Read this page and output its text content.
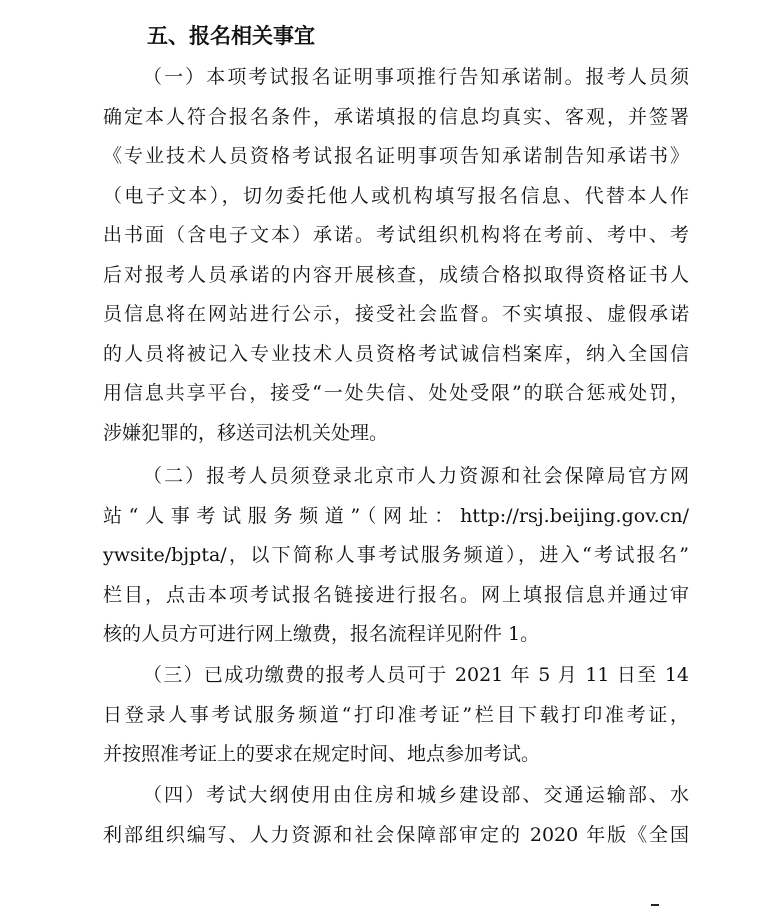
五、报名相关事宜
（一）本项考试报名证明事项推行告知承诺制。报考人员须
确定本人符合报名条件，承诺填报的信息均真实、客观，并签署
《专业技术人员资格考试报名证明事项告知承诺制告知承诺书》
（电子文本），切勿委托他人或机构填写报名信息、代替本人作
出书面（含电子文本）承诺。考试组织机构将在考前、考中、考
后对报考人员承诺的内容开展核查，成绩合格拟取得资格证书人
员信息将在网站进行公示，接受社会监督。不实填报、虚假承诺
的人员将被记入专业技术人员资格考试诚信档案库，纳入全国信
用信息共享平台，接受“一处失信、处处受限”的联合惩戒处罚，
涉嫌犯罪的，移送司法机关处理。
（二）报考人员须登录北京市人力资源和社会保障局官方网
站“人事考试服务频道”（网址：http://rsj.beijing.gov.cn/
ywsite/bjpta/，以下简称人事考试服务频道），进入“考试报名”
栏目，点击本项考试报名链接进行报名。网上填报信息并通过审
核的人员方可进行网上缴费，报名流程详见附件 1。
（三）已成功缴费的报考人员可于 2021 年 5 月 11 日至 14
日登录人事考试服务频道“打印准考证”栏目下载打印准考证，
并按照准考证上的要求在规定时间、地点参加考试。
（四）考试大纲使用由住房和城乡建设部、交通运输部、水
利部组织编写、人力资源和社会保障部审定的 2020 年版《全国
